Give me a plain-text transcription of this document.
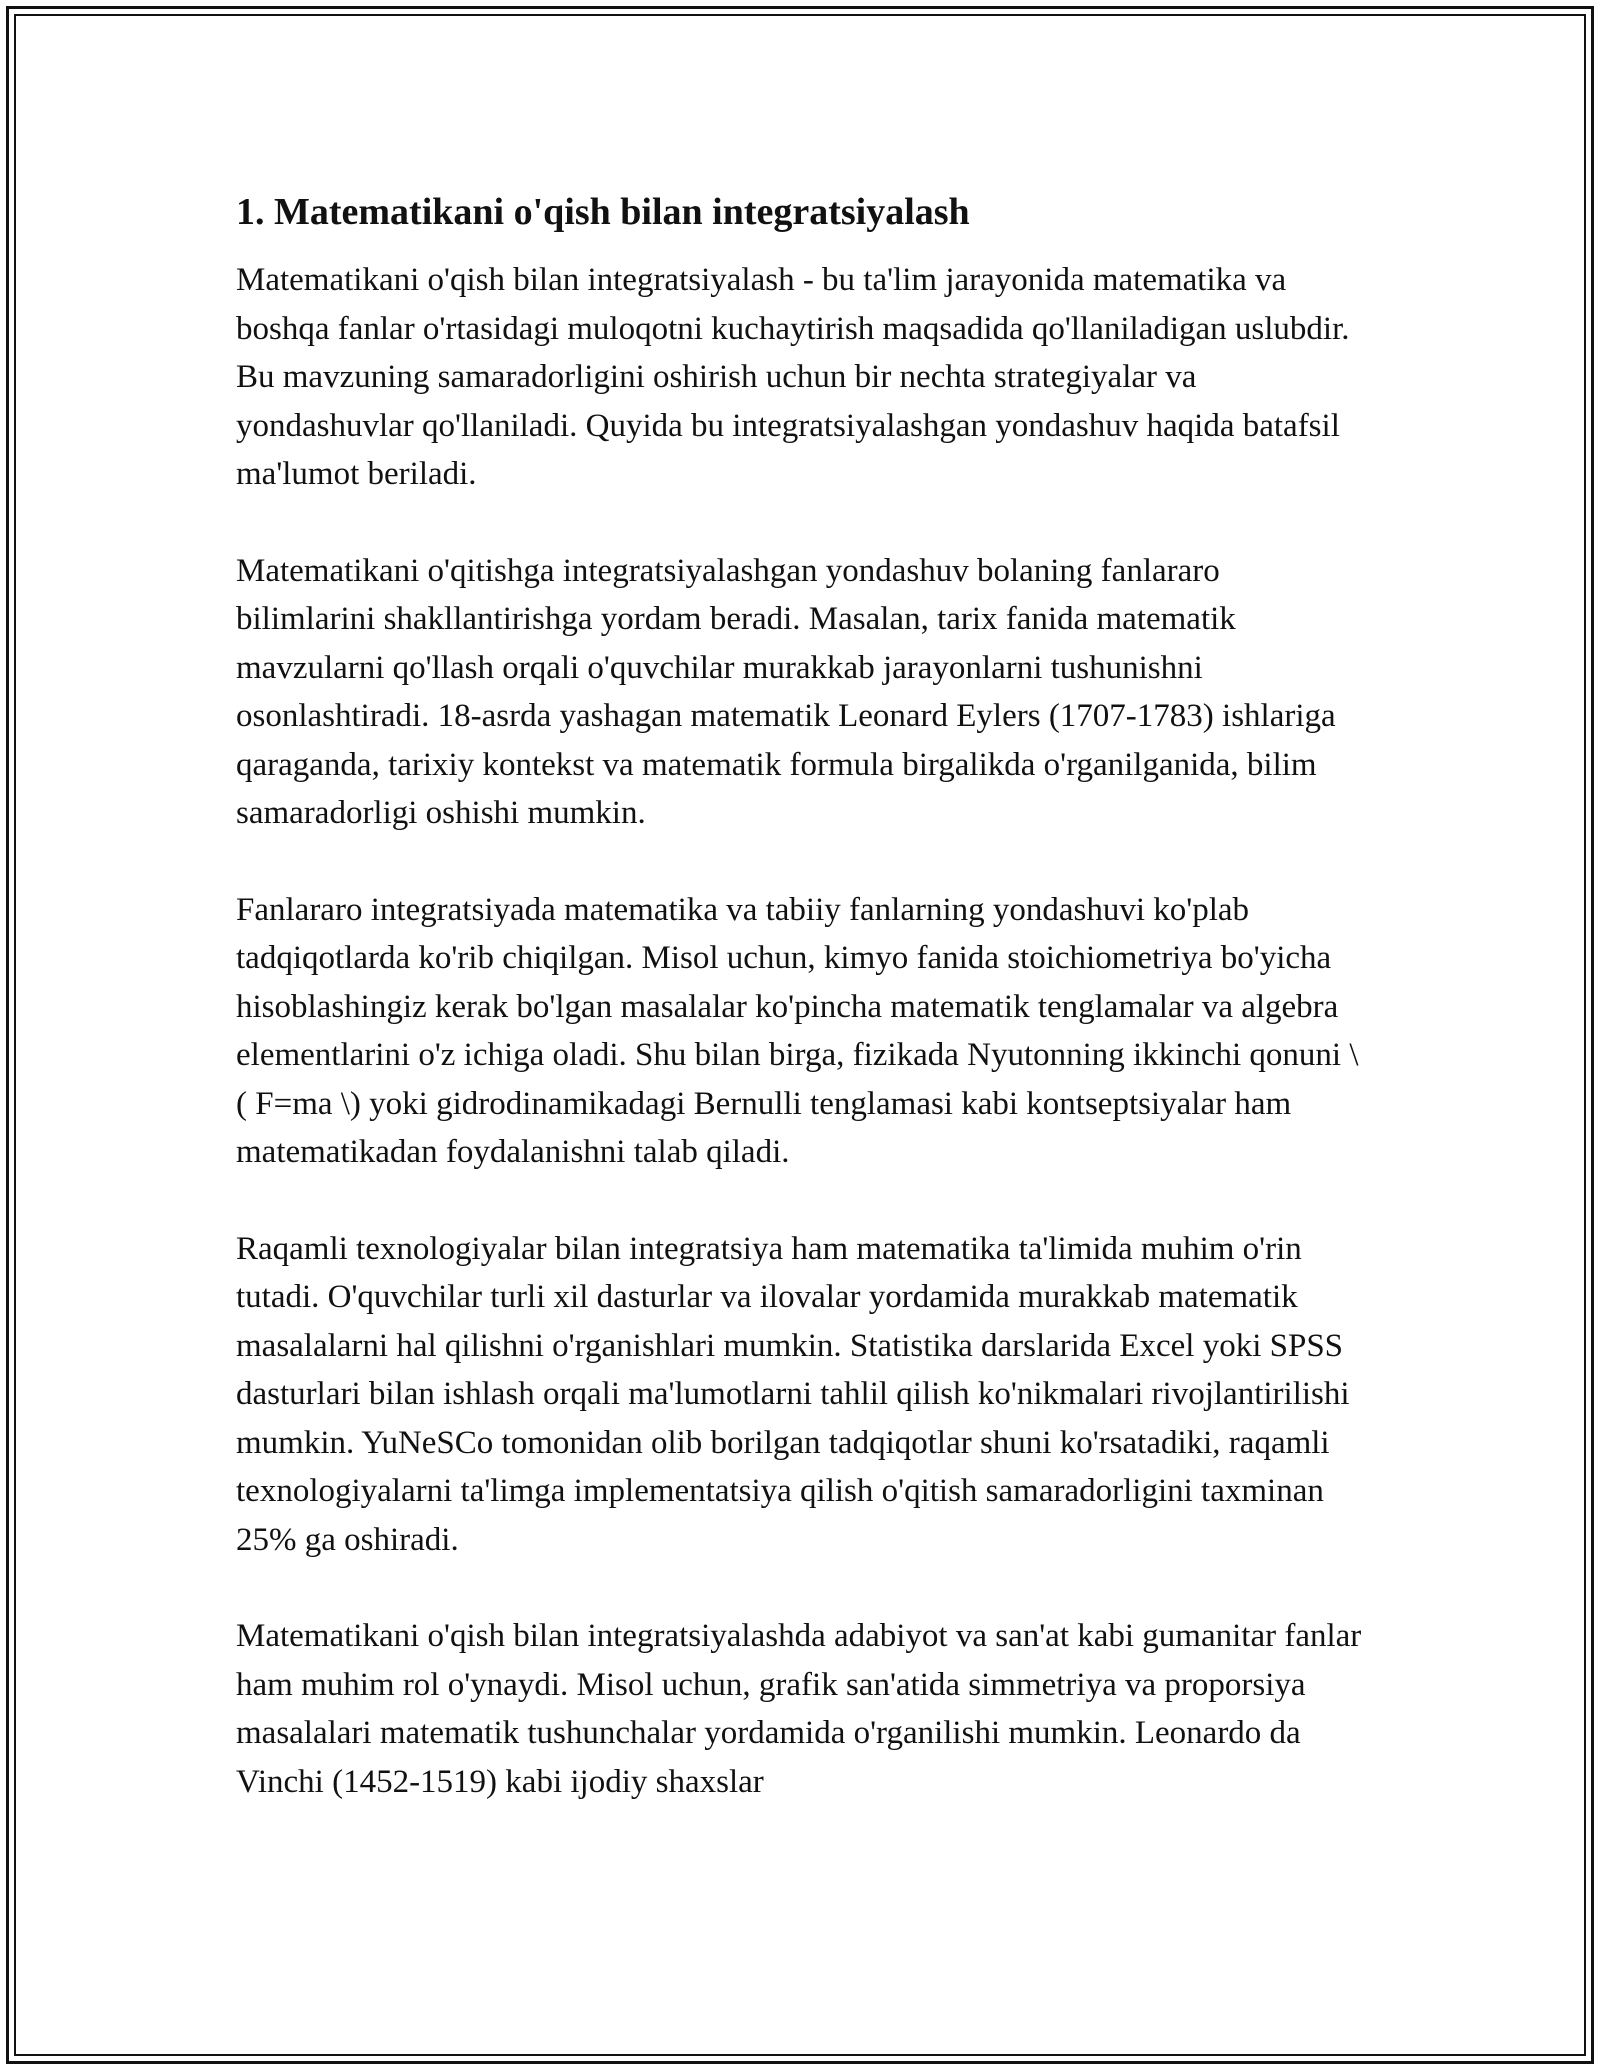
1. Matematikani o'qish bilan integratsiyalash

Matematikani o'qish bilan integratsiyalash - bu ta'lim jarayonida matematika va boshqa fanlar o'rtasidagi muloqotni kuchaytirish maqsadida qo'llaniladigan uslubdir. Bu mavzuning samaradorligini oshirish uchun bir nechta strategiyalar va yondashuvlar qo'llaniladi. Quyida bu integratsiyalashgan yondashuv haqida batafsil ma'lumot beriladi.

Matematikani o'qitishga integratsiyalashgan yondashuv bolaning fanlararo bilimlarini shakllantirishga yordam beradi. Masalan, tarix fanida matematik mavzularni qo'llash orqali o'quvchilar murakkab jarayonlarni tushunishni osonlashtiradi. 18-asrda yashagan matematik Leonard Eylers (1707-1783) ishlariga qaraganda, tarixiy kontekst va matematik formula birgalikda o'rganilganida, bilim samaradorligi oshishi mumkin.

Fanlararo integratsiyada matematika va tabiiy fanlarning yondashuvi ko'plab tadqiqotlarda ko'rib chiqilgan. Misol uchun, kimyo fanida stoichiometriya bo'yicha hisoblashingiz kerak bo'lgan masalalar ko'pincha matematik tenglamalar va algebra elementlarini o'z ichiga oladi. Shu bilan birga, fizikada Nyutonning ikkinchi qonuni \( F=ma \) yoki gidrodinamikadagi Bernulli tenglamasi kabi kontseptsiyalar ham matematikadan foydalanishni talab qiladi.

Raqamli texnologiyalar bilan integratsiya ham matematika ta'limida muhim o'rin tutadi. O'quvchilar turli xil dasturlar va ilovalar yordamida murakkab matematik masalalarni hal qilishni o'rganishlari mumkin. Statistika darslarida Excel yoki SPSS dasturlari bilan ishlash orqali ma'lumotlarni tahlil qilish ko'nikmalari rivojlantirilishi mumkin. YuNeSCo tomonidan olib borilgan tadqiqotlar shuni ko'rsatadiki, raqamli texnologiyalarni ta'limga implementatsiya qilish o'qitish samaradorligini taxminan 25% ga oshiradi.

Matematikani o'qish bilan integratsiyalashda adabiyot va san'at kabi gumanitar fanlar ham muhim rol o'ynaydi. Misol uchun, grafik san'atida simmetriya va proporsiya masalalari matematik tushunchalar yordamida o'rganilishi mumkin. Leonardo da Vinchi (1452-1519) kabi ijodiy shaxslar
